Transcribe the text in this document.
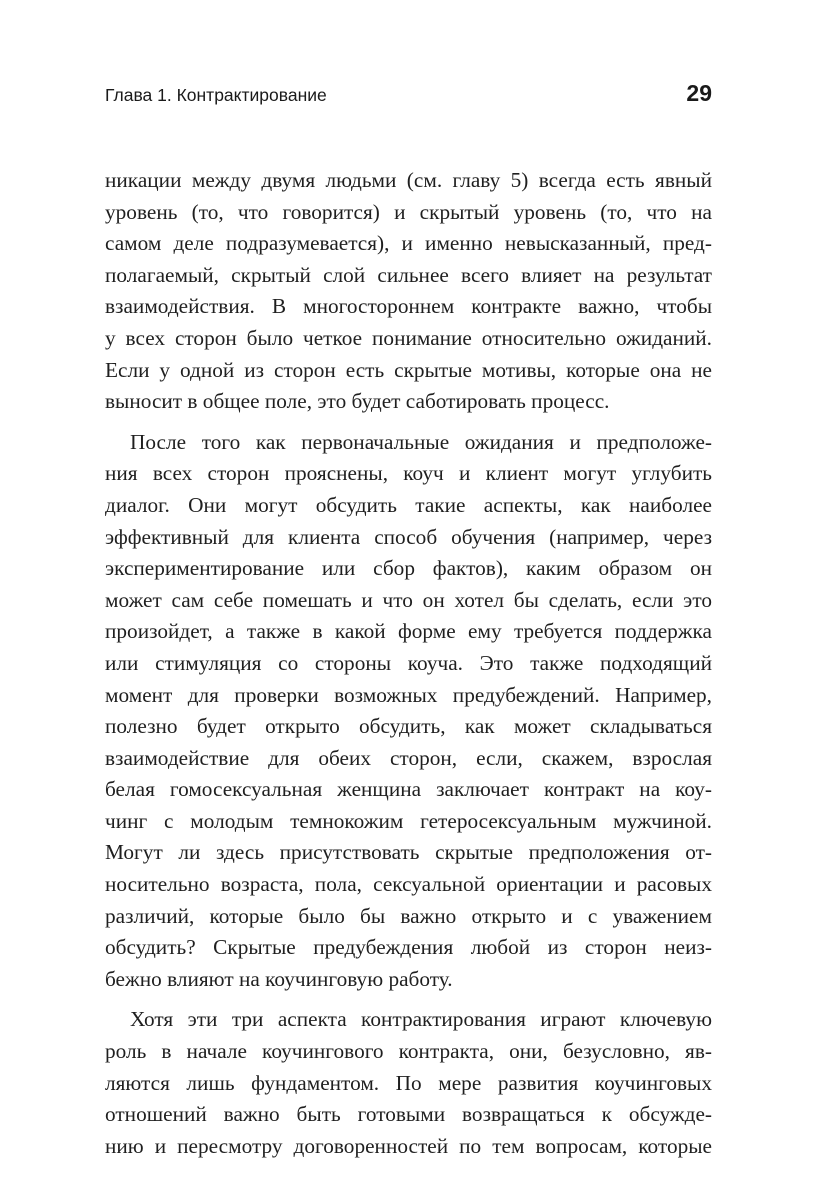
Глава 1. Контрактирование	29
никации между двумя людьми (см. главу 5) всегда есть явный
уровень (то, что говорится) и скрытый уровень (то, что на
самом деле подразумевается), и именно невысказанный, пред-
полагаемый, скрытый слой сильнее всего влияет на результат
взаимодействия. В многостороннем контракте важно, чтобы
у всех сторон было четкое понимание относительно ожиданий.
Если у одной из сторон есть скрытые мотивы, которые она не
выносит в общее поле, это будет саботировать процесс.
После того как первоначальные ожидания и предположе-
ния всех сторон прояснены, коуч и клиент могут углубить
диалог. Они могут обсудить такие аспекты, как наиболее
эффективный для клиента способ обучения (например, через
экспериментирование или сбор фактов), каким образом он
может сам себе помешать и что он хотел бы сделать, если это
произойдет, а также в какой форме ему требуется поддержка
или стимуляция со стороны коуча. Это также подходящий
момент для проверки возможных предубеждений. Например,
полезно будет открыто обсудить, как может складываться
взаимодействие для обеих сторон, если, скажем, взрослая
белая гомосексуальная женщина заключает контракт на коу-
чинг с молодым темнокожим гетеросексуальным мужчиной.
Могут ли здесь присутствовать скрытые предположения от-
носительно возраста, пола, сексуальной ориентации и расовых
различий, которые было бы важно открыто и с уважением
обсудить? Скрытые предубеждения любой из сторон неиз-
бежно влияют на коучинговую работу.
Хотя эти три аспекта контрактирования играют ключевую
роль в начале коучингового контракта, они, безусловно, яв-
ляются лишь фундаментом. По мере развития коучинговых
отношений важно быть готовыми возвращаться к обсужде-
нию и пересмотру договоренностей по тем вопросам, которые
